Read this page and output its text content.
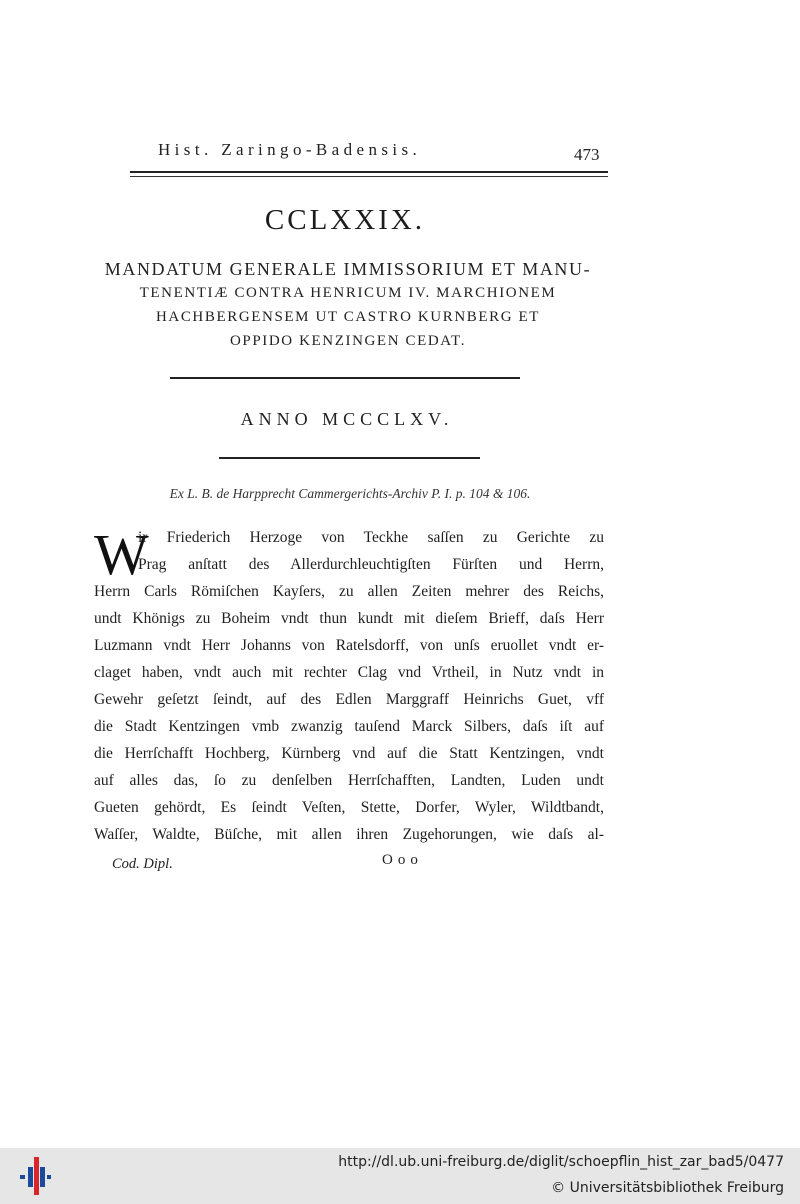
Hist. Zaringo-Badensis.	473
CCLXXIX.
MANDATUM GENERALE IMMISSORIUM ET MANU-
TENENTIÆ CONTRA HENRICUM IV. MARCHIONEM
HACHBERGENSEM UT CASTRO KURNBERG ET
OPPIDO KENZINGEN CEDAT.
ANNO MCCCLXV.
Ex L. B. de Harpprecht Cammergerichts-Archiv P. I. p. 104 & 106.
W
ir Friederich Herzoge von Teckhe saſſen zu Gerichte zu
Prag anſtatt des Allerdurchleuchtigſten Fürſten und Herrn,
Herrn Carls Römiſchen Kayſers, zu allen Zeiten mehrer des Reichs,
undt Khönigs zu Boheim vndt thun kundt mit dieſem Brieff, daſs Herr
Luzmann vndt Herr Johanns von Ratelsdorff, von unſs eruollet vndt er-
claget haben, vndt auch mit rechter Clag vnd Vrtheil, in Nutz vndt in
Gewehr geſetzt ſeindt, auf des Edlen Marggraff Heinrichs Guet, vff
die Stadt Kentzingen vmb zwanzig tauſend Marck Silbers, daſs iſt auf
die Herrſchafft Hochberg, Kürnberg vnd auf die Statt Kentzingen, vndt
auf alles das, ſo zu denſelben Herrſchafften, Landten, Luden undt
Gueten gehördt, Es ſeindt Veſten, Stette, Dorfer, Wyler, Wildtbandt,
Waſſer, Waldte, Büſche, mit allen ihren Zugehorungen, wie daſs al-
Cod. Dipl.	Ooo
http://dl.ub.uni-freiburg.de/diglit/schoepflin_hist_zar_bad5/0477
© Universitätsbibliothek Freiburg
